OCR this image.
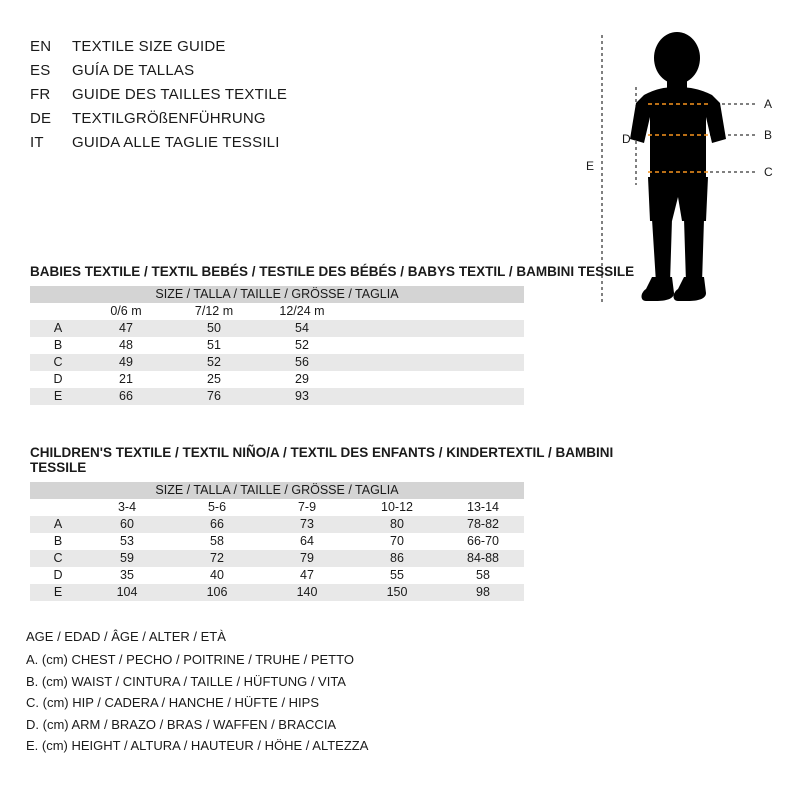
EN	TEXTILE SIZE GUIDE
ES	GUÍA DE TALLAS
FR	GUIDE DES TAILLES TEXTILE
DE	TEXTILGRÖßENFÜHRUNG
IT	GUIDA ALLE TAGLIE TESSILI
A
B
C
D
E
BABIES TEXTILE / TEXTIL BEBÉS / TESTILE DES BÉBÉS / BABYS TEXTIL / BAMBINI TESSILE
SIZE / TALLA / TAILLE / GRÖSSE / TAGLIA				
	0/6 m	7/12 m	12/24 m	
A	47	50	54	
B	48	51	52	
C	49	52	56	
D	21	25	29	
E	66	76	93	
CHILDREN'S TEXTILE / TEXTIL NIÑO/A / TEXTIL DES ENFANTS / KINDERTEXTIL / BAMBINI TESSILE
SIZE / TALLA / TAILLE / GRÖSSE / TAGLIA					
	3-4	5-6	7-9	10-12	13-14
A	60	66	73	80	78-82
B	53	58	64	70	66-70
C	59	72	79	86	84-88
D	35	40	47	55	58
E	104	106	140	150	98
AGE / EDAD / ÂGE / ALTER / ETÀ
A. (cm) CHEST / PECHO / POITRINE / TRUHE / PETTO
B. (cm) WAIST / CINTURA / TAILLE / HÜFTUNG / VITA
C. (cm) HIP / CADERA / HANCHE / HÜFTE / HIPS
D. (cm) ARM / BRAZO / BRAS / WAFFEN / BRACCIA
E. (cm) HEIGHT / ALTURA / HAUTEUR / HÖHE / ALTEZZA
